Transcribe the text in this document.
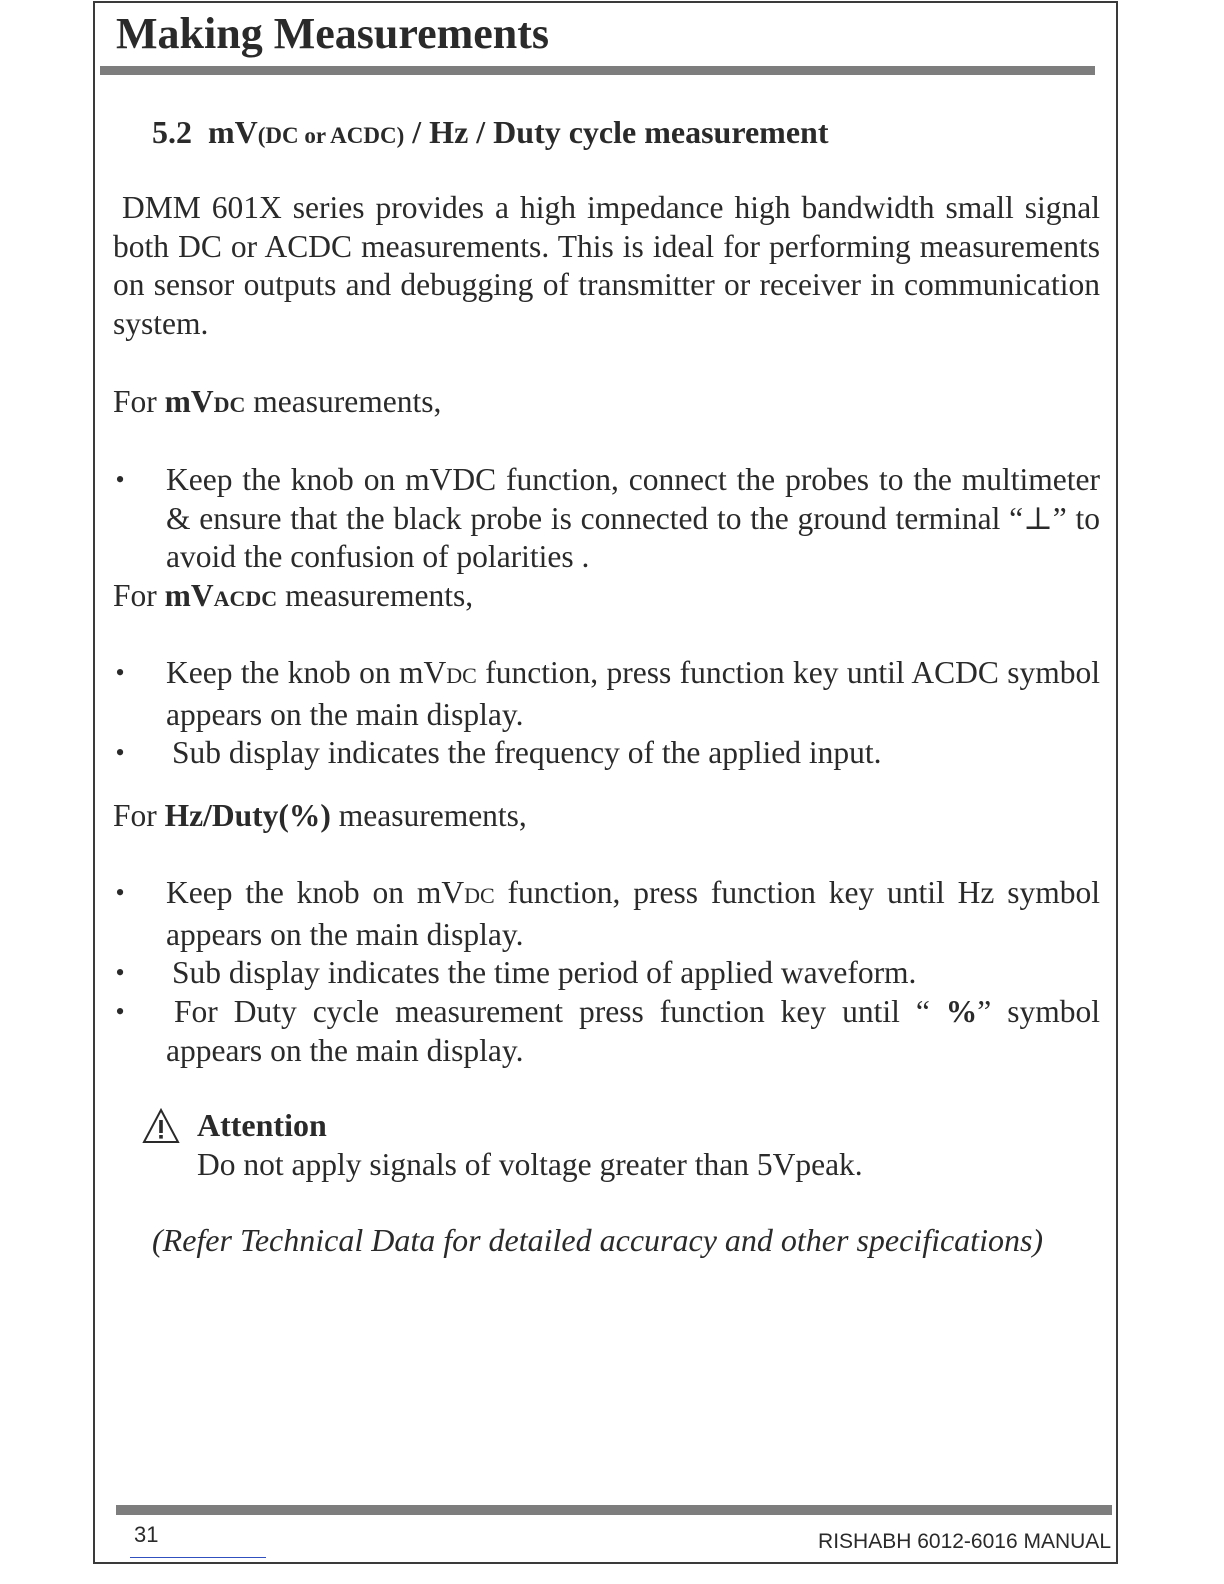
Making Measurements
5.2 mV(DC or ACDC) / Hz / Duty cycle measurement

DMM 601X series provides a high impedance high bandwidth small signal both DC or ACDC measurements. This is ideal for performing measurements on sensor outputs and debugging of transmitter or receiver in communication system.

For mVDC measurements,

• Keep the knob on mVDC function, connect the probes to the multimeter & ensure that the black probe is connected to the ground terminal “⊥” to avoid the confusion of polarities .

For mVACDC measurements,

• Keep the knob on mVDC function, press function key until ACDC symbol appears on the main display.
• Sub display indicates the frequency of the applied input.

For Hz/Duty(%) measurements,

• Keep the knob on mVDC function, press function key until Hz symbol appears on the main display.
• Sub display indicates the time period of applied waveform.
• For Duty cycle measurement press function key until “ %” symbol appears on the main display.

Attention

Do not apply signals of voltage greater than 5Vpeak.

(Refer Technical Data for detailed accuracy and other specifications)

31	RISHABH 6012-6016 MANUAL
